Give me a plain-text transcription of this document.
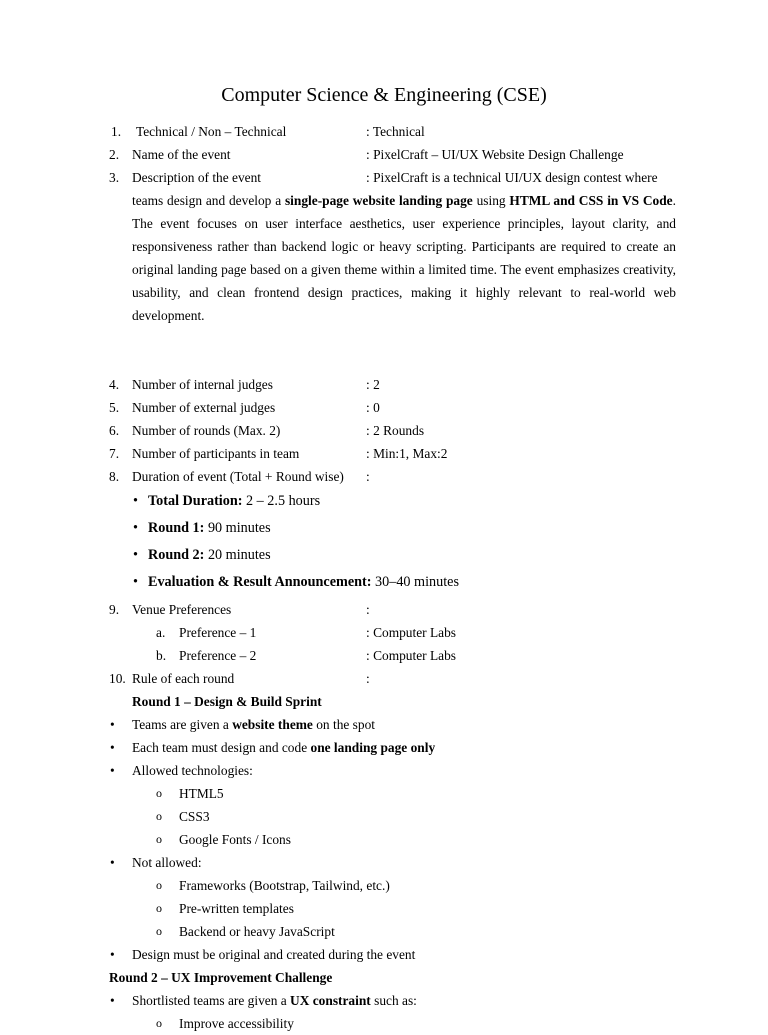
Computer Science & Engineering (CSE)
1. Technical / Non – Technical	: Technical
2. Name of the event	: PixelCraft – UI/UX Website Design Challenge
3. Description of the event	: PixelCraft is a technical UI/UX design contest where

teams design and develop a single-page website landing page using HTML and CSS in VS Code. The event focuses on user interface aesthetics, user experience principles, layout clarity, and responsiveness rather than backend logic or heavy scripting. Participants are required to create an original landing page based on a given theme within a limited time. The event emphasizes creativity, usability, and clean frontend design practices, making it highly relevant to real-world web development.

4. Number of internal judges	: 2
5. Number of external judges	: 0
6. Number of rounds (Max. 2)	: 2 Rounds
7. Number of participants in team	: Min:1, Max:2
8. Duration of event (Total + Round wise) :
• Total Duration: 2 – 2.5 hours
• Round 1: 90 minutes
• Round 2: 20 minutes
• Evaluation & Result Announcement: 30–40 minutes
9. Venue Preferences	:
a. Preference – 1	: Computer Labs
b. Preference – 2	: Computer Labs
10. Rule of each round	:
Round 1 – Design & Build Sprint
• Teams are given a website theme on the spot
• Each team must design and code one landing page only
• Allowed technologies:
o HTML5
o CSS3
o Google Fonts / Icons
• Not allowed:
o Frameworks (Bootstrap, Tailwind, etc.)
o Pre-written templates
o Backend or heavy JavaScript
• Design must be original and created during the event
Round 2 – UX Improvement Challenge
• Shortlisted teams are given a UX constraint such as:
o Improve accessibility
